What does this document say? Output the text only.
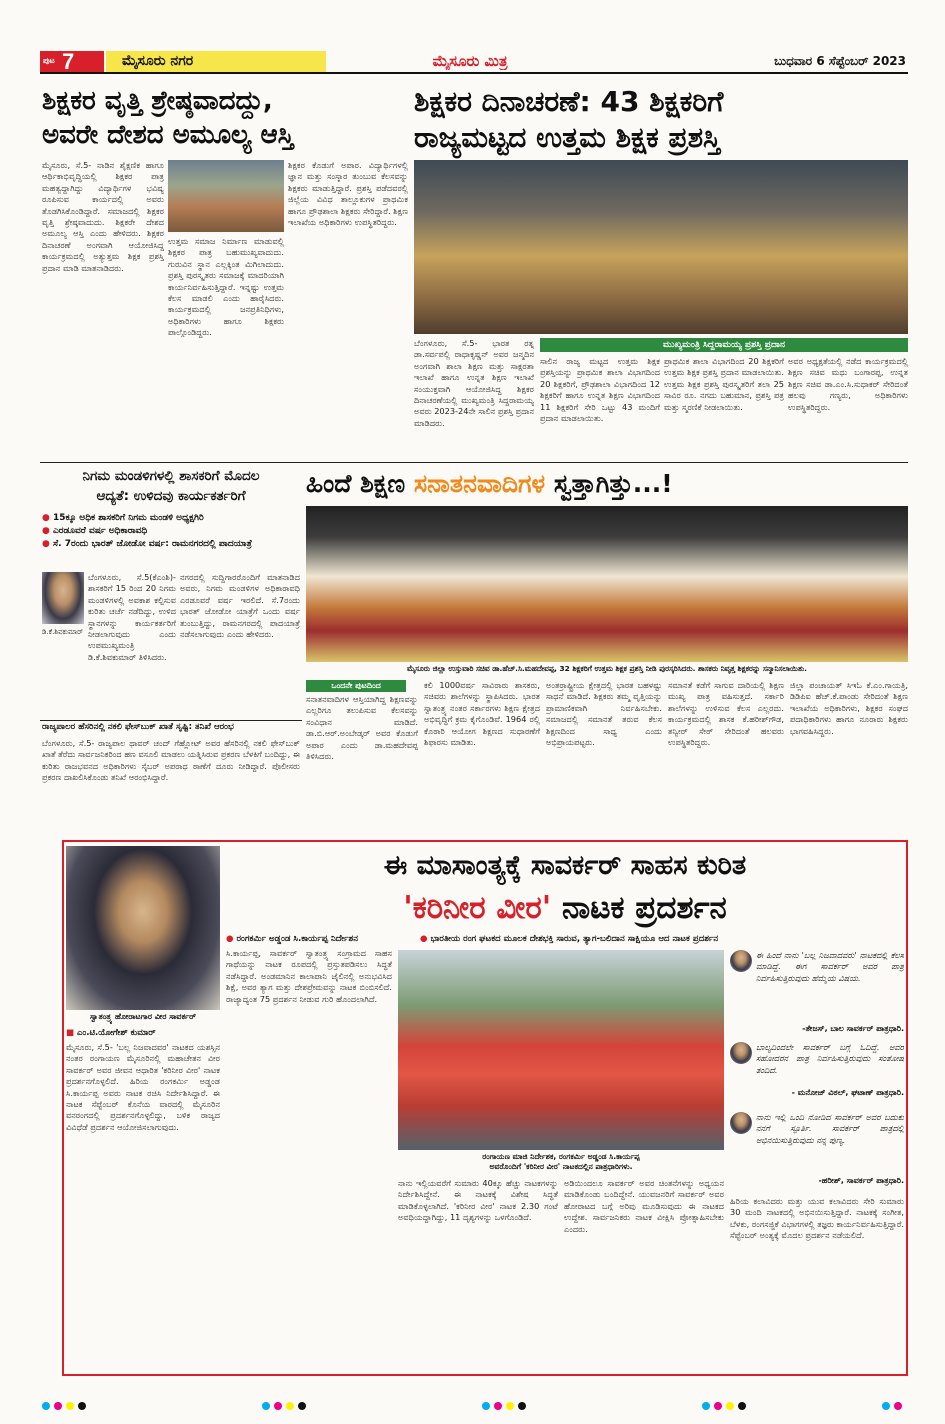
ಪುಟ 7	ಮೈಸೂರು ನಗರ	ಮೈಸೂರು ಮಿತ್ರ	ಬುಧವಾರ 6 ಸೆಪ್ಟೆಂಬರ್ 2023
ಶಿಕ್ಷಕರ ವೃತ್ತಿ ಶ್ರೇಷ್ಠವಾದದ್ದು,
ಅವರೇ ದೇಶದ ಅಮೂಲ್ಯ ಆಸ್ತಿ
ಮೈಸೂರು, ಸೆ.5- ನಾಡಿನ ಶೈಕ್ಷಣಿಕ ಹಾಗೂ ಆರ್ಥಿಕಾಭಿವೃದ್ಧಿಯಲ್ಲಿ ಶಿಕ್ಷಕರ ಪಾತ್ರ ಮಹತ್ವದ್ದಾಗಿದ್ದು ವಿದ್ಯಾರ್ಥಿಗಳ ಭವಿಷ್ಯ ರೂಪಿಸುವ ಕಾರ್ಯದಲ್ಲಿ ಅವರು ತೊಡಗಿಸಿಕೊಂಡಿದ್ದಾರೆ. ಸಮಾಜದಲ್ಲಿ ಶಿಕ್ಷಕರ ವೃತ್ತಿ ಶ್ರೇಷ್ಠವಾದುದು. ಶಿಕ್ಷಕರೇ ದೇಶದ ಅಮೂಲ್ಯ ಆಸ್ತಿ ಎಂದು ಹೇಳಿದರು. ಶಿಕ್ಷಕರ ದಿನಾಚರಣೆ ಅಂಗವಾಗಿ ಆಯೋಜಿಸಿದ್ದ ಕಾರ್ಯಕ್ರಮದಲ್ಲಿ ಅತ್ಯುತ್ತಮ ಶಿಕ್ಷಕ ಪ್ರಶಸ್ತಿ ಪ್ರದಾನ ಮಾಡಿ ಮಾತನಾಡಿದರು.
ಉತ್ತಮ ಸಮಾಜ ನಿರ್ಮಾಣ ಮಾಡುವಲ್ಲಿ ಶಿಕ್ಷಕರ ಪಾತ್ರ ಬಹುಮುಖ್ಯವಾದುದು. ಗುರುವಿನ ಸ್ಥಾನ ಎಲ್ಲಕ್ಕಿಂತ ಮಿಗಿಲಾದುದು. ಪ್ರಶಸ್ತಿ ಪುರಸ್ಕೃತರು ಸಮಾಜಕ್ಕೆ ಮಾದರಿಯಾಗಿ ಕಾರ್ಯನಿರ್ವಹಿಸುತ್ತಿದ್ದಾರೆ. ಇನ್ನಷ್ಟು ಉತ್ತಮ ಕೆಲಸ ಮಾಡಲಿ ಎಂದು ಹಾರೈಸಿದರು. ಕಾರ್ಯಕ್ರಮದಲ್ಲಿ ಜನಪ್ರತಿನಿಧಿಗಳು, ಅಧಿಕಾರಿಗಳು ಹಾಗೂ ಶಿಕ್ಷಕರು ಪಾಲ್ಗೊಂಡಿದ್ದರು.
ಶಿಕ್ಷಕರ ಕೊಡುಗೆ ಅಪಾರ. ವಿದ್ಯಾರ್ಥಿಗಳಲ್ಲಿ ಜ್ಞಾನ ಮತ್ತು ಸಂಸ್ಕಾರ ತುಂಬುವ ಕೆಲಸವನ್ನು ಶಿಕ್ಷಕರು ಮಾಡುತ್ತಿದ್ದಾರೆ. ಪ್ರಶಸ್ತಿ ಪಡೆದವರಲ್ಲಿ ಜಿಲ್ಲೆಯ ವಿವಿಧ ತಾಲ್ಲೂಕುಗಳ ಪ್ರಾಥಮಿಕ ಹಾಗೂ ಪ್ರೌಢಶಾಲಾ ಶಿಕ್ಷಕರು ಸೇರಿದ್ದಾರೆ. ಶಿಕ್ಷಣ ಇಲಾಖೆಯ ಅಧಿಕಾರಿಗಳು ಉಪಸ್ಥಿತರಿದ್ದರು.
ಶಿಕ್ಷಕರ ದಿನಾಚರಣೆ: 43 ಶಿಕ್ಷಕರಿಗೆ
ರಾಜ್ಯಮಟ್ಟದ ಉತ್ತಮ ಶಿಕ್ಷಕ ಪ್ರಶಸ್ತಿ
ಬೆಂಗಳೂರು, ಸೆ.5- ಭಾರತ ರತ್ನ ಡಾ.ಸರ್ವಪಲ್ಲಿ ರಾಧಾಕೃಷ್ಣನ್ ಅವರ ಜನ್ಮದಿನ ಅಂಗವಾಗಿ ಶಾಲಾ ಶಿಕ್ಷಣ ಮತ್ತು ಸಾಕ್ಷರತಾ ಇಲಾಖೆ ಹಾಗೂ ಉನ್ನತ ಶಿಕ್ಷಣ ಇಲಾಖೆ ಸಂಯುಕ್ತವಾಗಿ ಆಯೋಜಿಸಿದ್ದ ಶಿಕ್ಷಕರ ದಿನಾಚರಣೆಯಲ್ಲಿ ಮುಖ್ಯಮಂತ್ರಿ ಸಿದ್ದರಾಮಯ್ಯ ಅವರು 2023-24ನೇ ಸಾಲಿನ ಪ್ರಶಸ್ತಿ ಪ್ರದಾನ ಮಾಡಿದರು.
ಮುಖ್ಯಮಂತ್ರಿ ಸಿದ್ದರಾಮಯ್ಯ ಪ್ರಶಸ್ತಿ ಪ್ರದಾನ
ಸಾಲಿನ ರಾಜ್ಯ ಮಟ್ಟದ ಉತ್ತಮ ಶಿಕ್ಷಕ ಪ್ರಶಸ್ತಿಯನ್ನು ಪ್ರಾಥಮಿಕ ಶಾಲಾ ವಿಭಾಗದಿಂದ 20 ಶಿಕ್ಷಕರಿಗೆ, ಪ್ರೌಢಶಾಲಾ ವಿಭಾಗದಿಂದ 12 ಶಿಕ್ಷಕರಿಗೆ ಹಾಗೂ ಉನ್ನತ ಶಿಕ್ಷಣ ವಿಭಾಗದಿಂದ 11 ಶಿಕ್ಷಕರಿಗೆ ಸೇರಿ ಒಟ್ಟು 43 ಮಂದಿಗೆ ಪ್ರದಾನ ಮಾಡಲಾಯಿತು.
ಪ್ರಾಥಮಿಕ ಶಾಲಾ ವಿಭಾಗದಿಂದ 20 ಶಿಕ್ಷಕರಿಗೆ ಉತ್ತಮ ಶಿಕ್ಷಕ ಪ್ರಶಸ್ತಿ ಪ್ರದಾನ ಮಾಡಲಾಯಿತು. ಉತ್ತಮ ಶಿಕ್ಷಕ ಪ್ರಶಸ್ತಿ ಪುರಸ್ಕೃತರಿಗೆ ತಲಾ 25 ಸಾವಿರ ರೂ. ನಗದು ಬಹುಮಾನ, ಪ್ರಶಸ್ತಿ ಪತ್ರ ಮತ್ತು ಸ್ಮರಣಿಕೆ ನೀಡಲಾಯಿತು.
ಅವರ ಅಧ್ಯಕ್ಷತೆಯಲ್ಲಿ ನಡೆದ ಕಾರ್ಯಕ್ರಮದಲ್ಲಿ ಶಿಕ್ಷಣ ಸಚಿವ ಮಧು ಬಂಗಾರಪ್ಪ, ಉನ್ನತ ಶಿಕ್ಷಣ ಸಚಿವ ಡಾ.ಎಂ.ಸಿ.ಸುಧಾಕರ್ ಸೇರಿದಂತೆ ಹಲವು ಗಣ್ಯರು, ಅಧಿಕಾರಿಗಳು ಉಪಸ್ಥಿತರಿದ್ದರು.
ನಿಗಮ ಮಂಡಳಿಗಳಲ್ಲಿ ಶಾಸಕರಿಗೆ ಮೊದಲ
ಆದ್ಯತೆ: ಉಳಿದವು ಕಾರ್ಯಕರ್ತರಿಗೆ
● 15ಕ್ಕೂ ಅಧಿಕ ಶಾಸಕರಿಗೆ ನಿಗಮ ಮಂಡಳಿ ಅಧ್ಯಕ್ಷಗಿರಿ
● ಎರಡೂವರೆ ವರ್ಷ ಅಧಿಕಾರಾವಧಿ
● ಸೆ. 7ರಂದು ಭಾರತ್ ಜೋಡೋ ವರ್ಷ: ರಾಮನಗರದಲ್ಲಿ ಪಾದಯಾತ್ರೆ
ಬೆಂಗಳೂರು, ಸೆ.5(ಕೆಎಂಶಿ)- ಶಾಸಕರಿಗೆ 15 ರಿಂದ 20 ನಿಗಮ ಮಂಡಳಿಗಳಲ್ಲಿ ಅವಕಾಶ ಕಲ್ಪಿಸುವ ಕುರಿತು ಚರ್ಚೆ ನಡೆದಿದ್ದು, ಉಳಿದ ಸ್ಥಾನಗಳನ್ನು ಕಾರ್ಯಕರ್ತರಿಗೆ ನೀಡಲಾಗುವುದು ಎಂದು ಉಪಮುಖ್ಯಮಂತ್ರಿ ಡಿ.ಕೆ.ಶಿವಕುಮಾರ್ ತಿಳಿಸಿದರು.
ನಗರದಲ್ಲಿ ಸುದ್ದಿಗಾರರೊಂದಿಗೆ ಮಾತನಾಡಿದ ಅವರು, ನಿಗಮ ಮಂಡಳಿಗಳ ಅಧಿಕಾರಾವಧಿ ಎರಡೂವರೆ ವರ್ಷ ಇರಲಿದೆ. ಸೆ.7ರಂದು ಭಾರತ್ ಜೋಡೋ ಯಾತ್ರೆಗೆ ಒಂದು ವರ್ಷ ತುಂಬುತ್ತಿದ್ದು, ರಾಮನಗರದಲ್ಲಿ ಪಾದಯಾತ್ರೆ ನಡೆಸಲಾಗುವುದು ಎಂದು ಹೇಳಿದರು.
ಡಿ.ಕೆ.ಶಿವಕುಮಾರ್
ರಾಜ್ಯಪಾಲರ ಹೆಸರಿನಲ್ಲಿ ನಕಲಿ ಫೇಸ್‌ಬುಕ್ ಖಾತೆ ಸೃಷ್ಟಿ: ತನಿಖೆ ಆರಂಭ
ಬೆಂಗಳೂರು, ಸೆ.5- ರಾಜ್ಯಪಾಲ ಥಾವರ್ ಚಂದ್ ಗೆಹ್ಲೋಟ್ ಅವರ ಹೆಸರಿನಲ್ಲಿ ನಕಲಿ ಫೇಸ್‌ಬುಕ್ ಖಾತೆ ತೆರೆದು ಸಾರ್ವಜನಿಕರಿಂದ ಹಣ ವಸೂಲಿ ಮಾಡಲು ಯತ್ನಿಸಿರುವ ಪ್ರಕರಣ ಬೆಳಕಿಗೆ ಬಂದಿದ್ದು, ಈ ಕುರಿತು ರಾಜಭವನದ ಅಧಿಕಾರಿಗಳು ಸೈಬರ್ ಅಪರಾಧ ಠಾಣೆಗೆ ದೂರು ನೀಡಿದ್ದಾರೆ. ಪೊಲೀಸರು ಪ್ರಕರಣ ದಾಖಲಿಸಿಕೊಂಡು ತನಿಖೆ ಆರಂಭಿಸಿದ್ದಾರೆ.
ಹಿಂದೆ ಶಿಕ್ಷಣ ಸನಾತನವಾದಿಗಳ ಸ್ವತ್ತಾಗಿತ್ತು...!
ಮೈಸೂರು ಜಿಲ್ಲಾ ಉಸ್ತುವಾರಿ ಸಚಿವ ಡಾ.ಹೆಚ್.ಸಿ.ಮಹದೇವಪ್ಪ, 32 ಶಿಕ್ಷಕರಿಗೆ ಉತ್ತಮ ಶಿಕ್ಷಕ ಪ್ರಶಸ್ತಿ ನೀಡಿ ಪುರಸ್ಕರಿಸಿದರು. ಶಾಸಕರು ನಿವೃತ್ತ ಶಿಕ್ಷಕರನ್ನು ಸನ್ಮಾನಿಸಲಾಯಿತು.
ಒಂದನೇ ಪುಟದಿಂದ
ಸನಾತನವಾದಿಗಳ ಆಸ್ತಿಯಾಗಿದ್ದ ಶಿಕ್ಷಣವನ್ನು ಎಲ್ಲರಿಗೂ ತಲುಪಿಸುವ ಕೆಲಸವನ್ನು ಸಂವಿಧಾನ ಮಾಡಿದೆ. ಡಾ.ಬಿ.ಆರ್.ಅಂಬೇಡ್ಕರ್ ಅವರ ಕೊಡುಗೆ ಅಪಾರ ಎಂದು ಡಾ.ಮಹದೇವಪ್ಪ ತಿಳಿಸಿದರು.
ಕಲಿ 1000ವರ್ಷ ಸಾವಿರಾರು ಶಾಸಕರು, ಸಚಿವರು ಶಾಲೆಗಳನ್ನು ಸ್ಥಾಪಿಸಿದರು. ಭಾರತ ಸ್ವಾತಂತ್ರ್ಯ ನಂತರ ಸರ್ಕಾರಗಳು ಶಿಕ್ಷಣ ಕ್ಷೇತ್ರದ ಅಭಿವೃದ್ಧಿಗೆ ಕ್ರಮ ಕೈಗೊಂಡಿವೆ. 1964 ರಲ್ಲಿ ಕೊಠಾರಿ ಆಯೋಗ ಶಿಕ್ಷಣದ ಸುಧಾರಣೆಗೆ ಶಿಫಾರಸು ಮಾಡಿತು.
ಅಂತರ್ರಾಷ್ಟ್ರೀಯ ಕ್ಷೇತ್ರದಲ್ಲಿ ಭಾರತ ಬಹಳಷ್ಟು ಸಾಧನೆ ಮಾಡಿದೆ. ಶಿಕ್ಷಕರು ತಮ್ಮ ವೃತ್ತಿಯನ್ನು ಪ್ರಾಮಾಣಿಕವಾಗಿ ನಿರ್ವಹಿಸಬೇಕು. ಸಮಾಜದಲ್ಲಿ ಸಮಾನತೆ ತರುವ ಕೆಲಸ ಶಿಕ್ಷಣದಿಂದ ಸಾಧ್ಯ ಎಂದು ಅಭಿಪ್ರಾಯಪಟ್ಟರು.
ಸಮಾನತೆ ಕಡೆಗೆ ಸಾಗುವ ದಾರಿಯಲ್ಲಿ ಶಿಕ್ಷಣ ಮುಖ್ಯ ಪಾತ್ರ ವಹಿಸುತ್ತದೆ. ಸರ್ಕಾರಿ ಶಾಲೆಗಳನ್ನು ಉಳಿಸುವ ಕೆಲಸ ಎಲ್ಲರದು. ಕಾರ್ಯಕ್ರಮದಲ್ಲಿ ಶಾಸಕ ಕೆ.ಹರೀಶ್‌ಗೌಡ, ತನ್ವೀರ್ ಸೇಠ್ ಸೇರಿದಂತೆ ಹಲವರು ಉಪಸ್ಥಿತರಿದ್ದರು.
ಜಿಲ್ಲಾ ಪಂಚಾಯತ್ ಸಿಇಓ ಕೆ.ಎಂ.ಗಾಯತ್ರಿ, ಡಿಡಿಪಿಐ ಹೆಚ್.ಕೆ.ಪಾಂಡು ಸೇರಿದಂತೆ ಶಿಕ್ಷಣ ಇಲಾಖೆಯ ಅಧಿಕಾರಿಗಳು, ಶಿಕ್ಷಕರ ಸಂಘದ ಪದಾಧಿಕಾರಿಗಳು ಹಾಗೂ ನೂರಾರು ಶಿಕ್ಷಕರು ಭಾಗವಹಿಸಿದ್ದರು.
ಸ್ವಾತಂತ್ರ್ಯ ಹೋರಾಟಗಾರ ವೀರ ಸಾವರ್ಕರ್
ಈ ಮಾಸಾಂತ್ಯಕ್ಕೆ ಸಾವರ್ಕರ್ ಸಾಹಸ ಕುರಿತ
'ಕರಿನೀರ ವೀರ' ನಾಟಕ ಪ್ರದರ್ಶನ
● ರಂಗಕರ್ಮಿ ಅಡ್ಡಂಡ ಸಿ.ಕಾರ್ಯಪ್ಪ ನಿರ್ದೇಶನ	● ಭಾರತೀಯ ರಂಗ ಘಟಕದ ಮೂಲಕ ದೇಶಭಕ್ತಿ ಸಾರುವ, ತ್ಯಾಗ-ಬಲಿದಾನ ಸಾಕ್ಷಿಯೂ ಆದ ನಾಟಕ ಪ್ರದರ್ಶನ
■ ಎಂ.ಟಿ.ಯೋಗೇಶ್ ಕುಮಾರ್
ಮೈಸೂರು, ಸೆ.5- 'ಬಲ್ಲ ನಿಜವಾದವರ' ನಾಟಕದ ಯಶಸ್ಸಿನ ನಂತರ ರಂಗಾಯಣ ಮೈಸೂರಿನಲ್ಲಿ ಮಹಾಚೇತನ ವೀರ ಸಾವರ್ಕರ್ ಅವರ ಜೀವನ ಆಧಾರಿತ 'ಕರಿನೀರ ವೀರ' ನಾಟಕ ಪ್ರದರ್ಶನಗೊಳ್ಳಲಿದೆ. ಹಿರಿಯ ರಂಗಕರ್ಮಿ ಅಡ್ಡಂಡ ಸಿ.ಕಾರ್ಯಪ್ಪ ಅವರು ನಾಟಕ ರಚಿಸಿ ನಿರ್ದೇಶಿಸಿದ್ದಾರೆ. ಈ ನಾಟಕ ಸೆಪ್ಟೆಂಬರ್ ಕೊನೆಯ ವಾರದಲ್ಲಿ ಮೈಸೂರಿನ ವನರಂಗದಲ್ಲಿ ಪ್ರದರ್ಶನಗೊಳ್ಳಲಿದ್ದು, ಬಳಿಕ ರಾಜ್ಯದ ವಿವಿಧೆಡೆ ಪ್ರದರ್ಶನ ಆಯೋಜಿಸಲಾಗುವುದು.
ಸಿ.ಕಾರ್ಯಪ್ಪ, ಸಾವರ್ಕರ್ ಸ್ವಾತಂತ್ರ್ಯ ಸಂಗ್ರಾಮದ ಸಾಹಸ ಗಾಥೆಯನ್ನು ನಾಟಕ ರೂಪದಲ್ಲಿ ಪ್ರಸ್ತುತಪಡಿಸಲು ಸಿದ್ಧತೆ ನಡೆಸಿದ್ದಾರೆ. ಅಂಡಮಾನಿನ ಕಾಲಾಪಾನಿ ಜೈಲಿನಲ್ಲಿ ಅನುಭವಿಸಿದ ಶಿಕ್ಷೆ, ಅವರ ತ್ಯಾಗ ಮತ್ತು ದೇಶಪ್ರೇಮವನ್ನು ನಾಟಕ ಬಿಂಬಿಸಲಿದೆ. ರಾಜ್ಯಾದ್ಯಂತ 75 ಪ್ರದರ್ಶನ ನೀಡುವ ಗುರಿ ಹೊಂದಲಾಗಿದೆ.
ರಂಗಾಯಣ ಮಾಜಿ ನಿರ್ದೇಶಕ, ರಂಗಕರ್ಮಿ ಅಡ್ಡಂಡ ಸಿ.ಕಾರ್ಯಪ್ಪ
ಅವರೊಂದಿಗೆ 'ಕರಿನೀರ ವೀರ' ನಾಟಕದಲ್ಲಿನ ಪಾತ್ರಧಾರಿಗಳು.
ನಾನು ಇಲ್ಲಿಯವರೆಗೆ ಸುಮಾರು 40ಕ್ಕೂ ಹೆಚ್ಚು ನಾಟಕಗಳನ್ನು ನಿರ್ದೇಶಿಸಿದ್ದೇನೆ. ಈ ನಾಟಕಕ್ಕೆ ವಿಶೇಷ ಸಿದ್ಧತೆ ಮಾಡಿಕೊಳ್ಳಲಾಗಿದೆ. 'ಕರಿನೀರ ವೀರ' ನಾಟಕ 2.30 ಗಂಟೆ ಅವಧಿಯದ್ದಾಗಿದ್ದು, 11 ದೃಶ್ಯಗಳನ್ನು ಒಳಗೊಂಡಿದೆ.
ಅಡಿಯಿಂದಲೂ ಸಾವರ್ಕರ್ ಅವರ ಚಿಂತನೆಗಳನ್ನು ಅಧ್ಯಯನ ಮಾಡಿಕೊಂಡು ಬಂದಿದ್ದೇನೆ. ಯುವಜನರಿಗೆ ಸಾವರ್ಕರ್ ಅವರ ಹೋರಾಟದ ಬಗ್ಗೆ ಅರಿವು ಮೂಡಿಸುವುದು ಈ ನಾಟಕದ ಉದ್ದೇಶ. ಸಾರ್ವಜನಿಕರು ನಾಟಕ ವೀಕ್ಷಿಸಿ ಪ್ರೋತ್ಸಾಹಿಸಬೇಕು ಎಂದರು.
ಈ ಹಿಂದೆ ನಾನು 'ಬಲ್ಲ ನಿಜವಾದವರು' ನಾಟಕದಲ್ಲಿ ಕೆಲಸ ಮಾಡಿದ್ದೆ. ಈಗ ಸಾವರ್ಕರ್ ಅವರ ಪಾತ್ರ ನಿರ್ವಹಿಸುತ್ತಿರುವುದು ಹೆಮ್ಮೆಯ ವಿಷಯ.
-ತೇಜಸ್, ಬಾಲ ಸಾವರ್ಕರ್ ಪಾತ್ರಧಾರಿ.
ಬಾಲ್ಯದಿಂದಲೇ ಸಾವರ್ಕರ್ ಬಗ್ಗೆ ಓದಿದ್ದೆ. ಅವರ ಸಹೋದರನ ಪಾತ್ರ ನಿರ್ವಹಿಸುತ್ತಿರುವುದು ಸಂತೋಷ ತಂದಿದೆ.
- ಮನೋಜ್ ವಿಠಲ್, ಘಟಾಣ್ ಪಾತ್ರಧಾರಿ.
ನಾನು ಇಲ್ಲಿ ಒಂದಿ ನೋಡಿದ ಸಾವರ್ಕರ್ ಅವರ ಬದುಕು ನನಗೆ ಸ್ಫೂರ್ತಿ. ಸಾವರ್ಕರ್ ಪಾತ್ರದಲ್ಲಿ ಅಭಿನಯಿಸುತ್ತಿರುವುದು ನನ್ನ ಪುಣ್ಯ.
-ಹರೀಶ್, ಸಾವರ್ಕರ್ ಪಾತ್ರಧಾರಿ.
ಹಿರಿಯ ಕಲಾವಿದರು ಮತ್ತು ಯುವ ಕಲಾವಿದರು ಸೇರಿ ಸುಮಾರು 30 ಮಂದಿ ನಾಟಕದಲ್ಲಿ ಅಭಿನಯಿಸುತ್ತಿದ್ದಾರೆ. ನಾಟಕಕ್ಕೆ ಸಂಗೀತ, ಬೆಳಕು, ರಂಗಸಜ್ಜಿಕೆ ವಿಭಾಗಗಳಲ್ಲಿ ತಜ್ಞರು ಕಾರ್ಯನಿರ್ವಹಿಸುತ್ತಿದ್ದಾರೆ. ಸೆಪ್ಟೆಂಬರ್ ಅಂತ್ಯಕ್ಕೆ ಮೊದಲ ಪ್ರದರ್ಶನ ನಡೆಯಲಿದೆ.
